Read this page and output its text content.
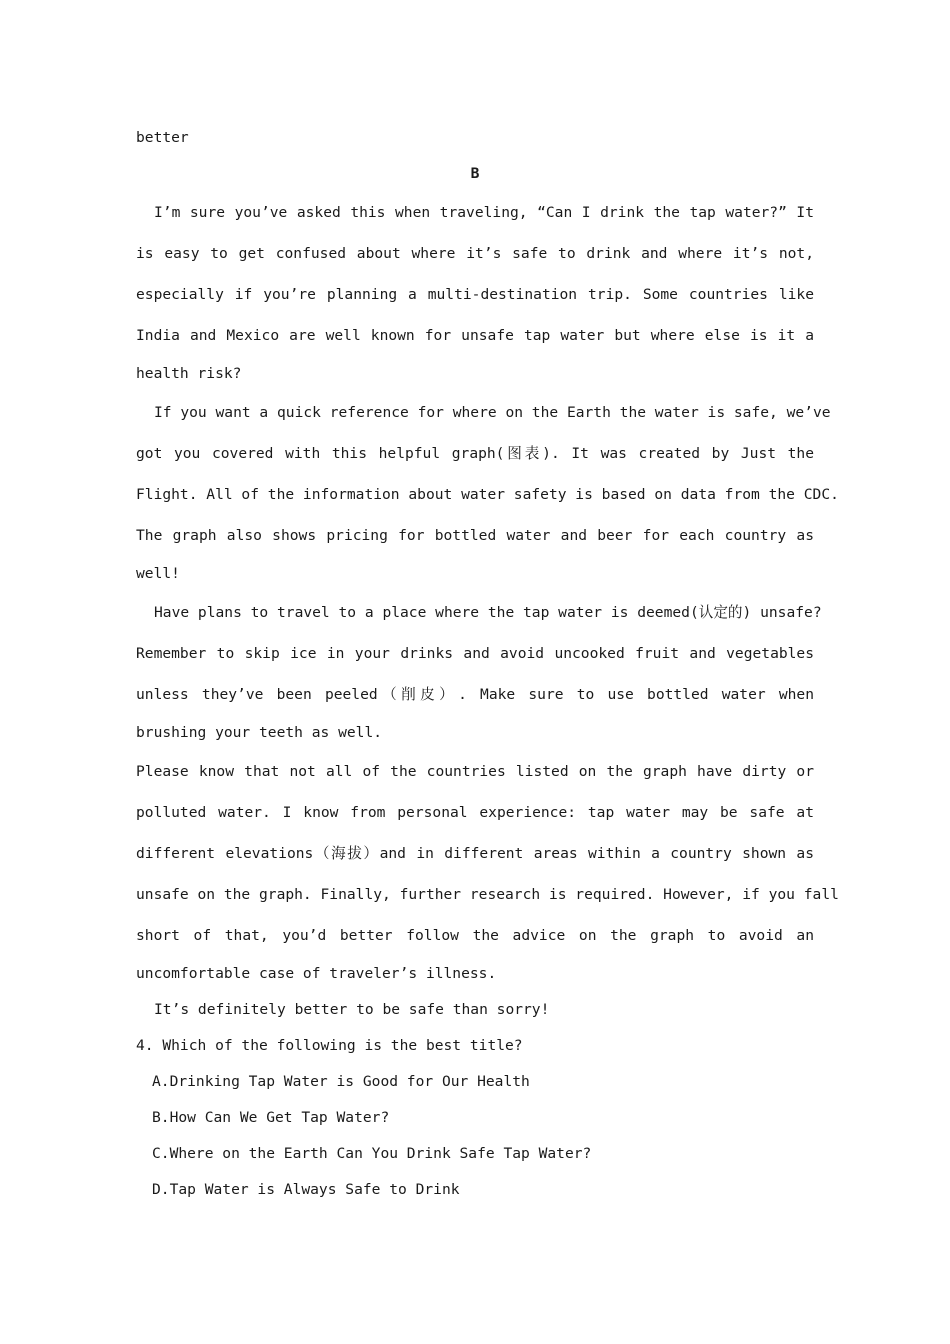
better
B
I’m sure you’ve asked this when traveling, “Can I drink the tap water?” It
is easy to get confused about where it’s safe to drink and where it’s not,
especially if you’re planning a multi-destination trip. Some countries like
India and Mexico are well known for unsafe tap water but where else is it a
health risk?
If you want a quick reference for where on the Earth the water is safe, we’ve
got you covered with this helpful graph(图表). It was created by Just the
Flight. All of the information about water safety is based on data from the CDC.
The graph also shows pricing for bottled water and beer for each country as
well!
Have plans to travel to a place where the tap water is deemed(认定的) unsafe?
Remember to skip ice in your drinks and avoid uncooked fruit and vegetables
unless they’ve been peeled（削皮）. Make sure to use bottled water when
brushing your teeth as well.
Please know that not all of the countries listed on the graph have dirty or
polluted water. I know from personal experience: tap water may be safe at
different elevations（海拔）and in different areas within a country shown as
unsafe on the graph. Finally, further research is required. However, if you fall
short of that, you’d better follow the advice on the graph to avoid an
uncomfortable case of traveler’s illness.
It’s definitely better to be safe than sorry!
4. Which of the following is the best title?
A.Drinking Tap Water is Good for Our Health
B.How Can We Get Tap Water?
C.Where on the Earth Can You Drink Safe Tap Water?
D.Tap Water is Always Safe to Drink
